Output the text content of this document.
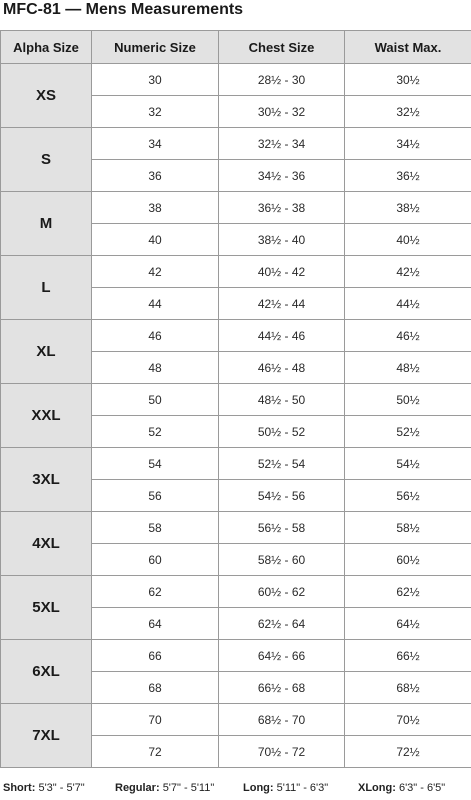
MFC-81 — Mens Measurements
Alpha Size	Numeric Size	Chest Size	Waist Max.
XS	30	28½ - 30	30½
	32	30½ - 32	32½
S	34	32½ - 34	34½
	36	34½ - 36	36½
M	38	36½ - 38	38½
	40	38½ - 40	40½
L	42	40½ - 42	42½
	44	42½ - 44	44½
XL	46	44½ - 46	46½
	48	46½ - 48	48½
XXL	50	48½ - 50	50½
	52	50½ - 52	52½
3XL	54	52½ - 54	54½
	56	54½ - 56	56½
4XL	58	56½ - 58	58½
	60	58½ - 60	60½
5XL	62	60½ - 62	62½
	64	62½ - 64	64½
6XL	66	64½ - 66	66½
	68	66½ - 68	68½
7XL	70	68½ - 70	70½
	72	70½ - 72	72½
Short: 5'3" - 5'7"	Regular: 5'7" - 5'11"	Long: 5'11" - 6'3"	XLong: 6'3" - 6'5"
